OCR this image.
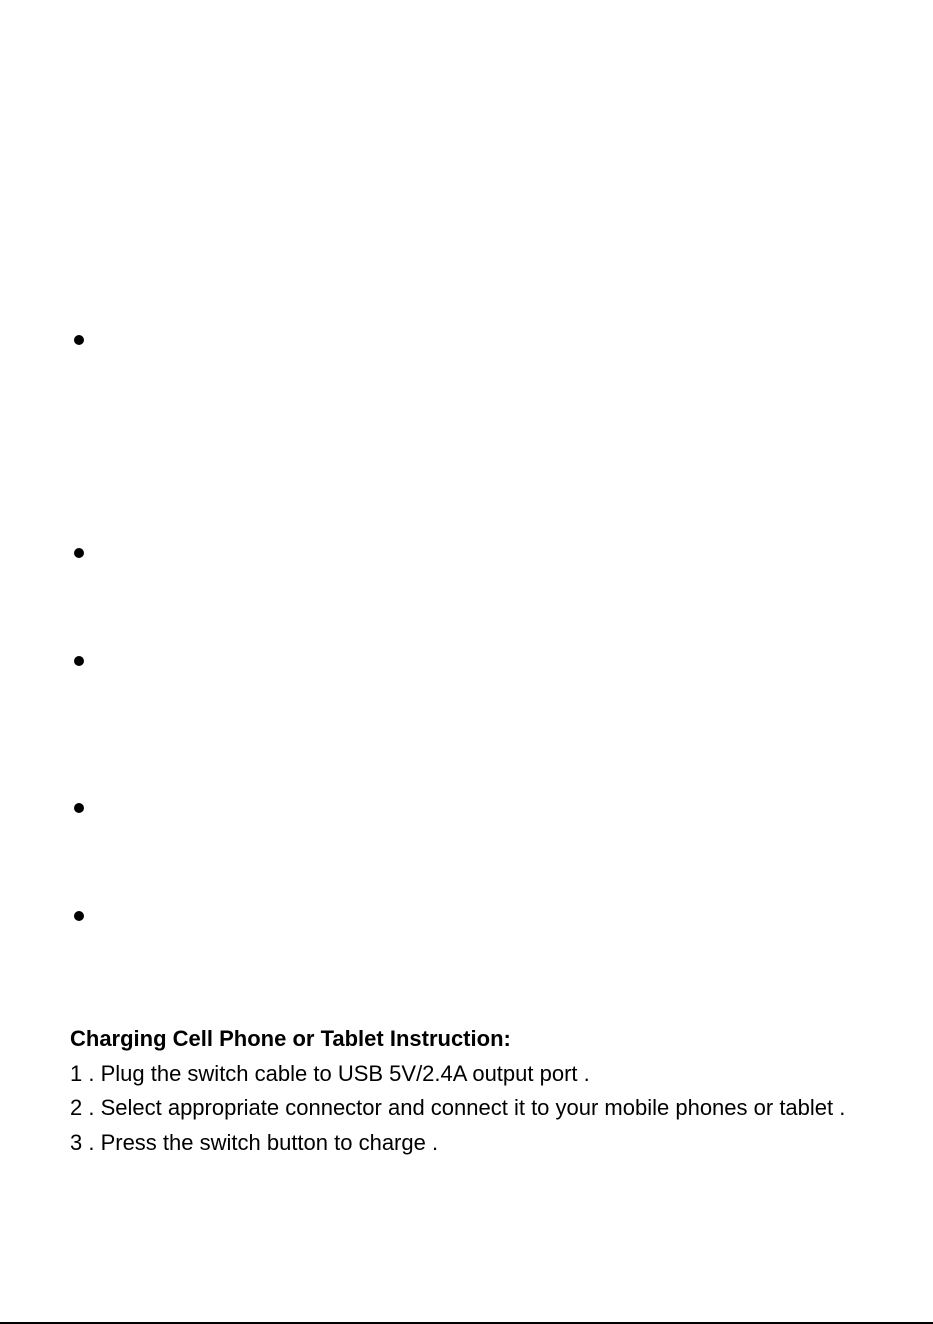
Charging Cell Phone or Tablet Instruction:

1 . Plug the switch cable to USB 5V/2.4A output port .

2 . Select appropriate connector and connect it to your mobile phones or tablet .

3 . Press the switch button to charge .
